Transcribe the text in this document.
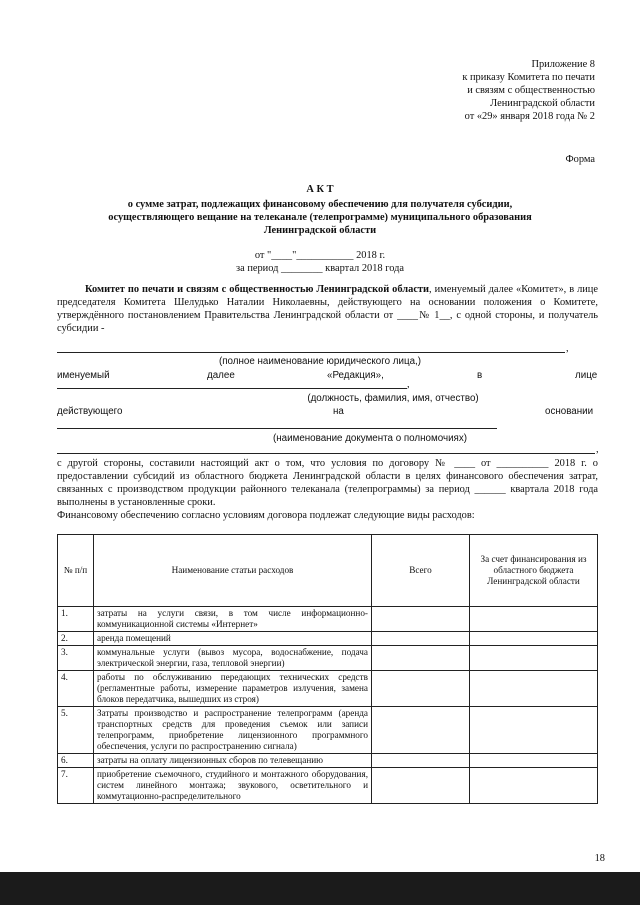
Приложение 8
к приказу Комитета по печати
и связям с общественностью
Ленинградской области
от «29» января 2018 года № 2
Форма
А К Т
о сумме затрат, подлежащих финансовому обеспечению для получателя субсидии,
осуществляющего вещание на телеканале (телепрограмме) муниципального образования
Ленинградской области
от "____"___________ 2018 г.
за период ________ квартал 2018 года
Комитет по печати и связям с общественностью Ленинградской области, именуемый далее «Комитет», в лице председателя Комитета Шелудько Наталии Николаевны, действующего на основании положения о Комитете, утверждённого постановлением Правительства Ленинградской области от ____№ 1__, с одной стороны, и получатель субсидии -
,
(полное наименование юридического лица,)
именуемый	далее	«Редакция»,	в	лице
,
(должность, фамилия, имя, отчество)
действующего	на	основании
(наименование документа о полномочиях)
,
с другой стороны, составили настоящий акт о том, что условия по договору № ____ от __________ 2018 г. о предоставлении субсидий из областного бюджета Ленинградской области в целях финансового обеспечения затрат, связанных с производством продукции районного телеканала (телепрограммы) за период ______ квартала 2018 года выполнены в установленные сроки.
Финансовому обеспечению согласно условиям договора подлежат следующие виды расходов:
№ п/п	Наименование статьи расходов	Всего	За счет финансирования из областного бюджета Ленинградской области
1.	затраты на услуги связи, в том числе информационно-коммуникационной системы «Интернет»		
2.	аренда помещений		
3.	коммунальные услуги (вывоз мусора, водоснабжение, подача электрической энергии, газа, тепловой энергии)		
4.	работы по обслуживанию передающих технических средств (регламентные работы, измерение параметров излучения, замена блоков передатчика, вышедших из строя)		
5.	Затраты производство и распространение телепрограмм (аренда транспортных средств для проведения съемок или записи телепрограмм, приобретение лицензионного программного обеспечения, услуги по распространению сигнала)		
6.	затраты на оплату лицензионных сборов по телевещанию		
7.	приобретение съемочного, студийного и монтажного оборудования, систем линейного монтажа; звукового, осветительного и коммутационно-распределительного		
18
